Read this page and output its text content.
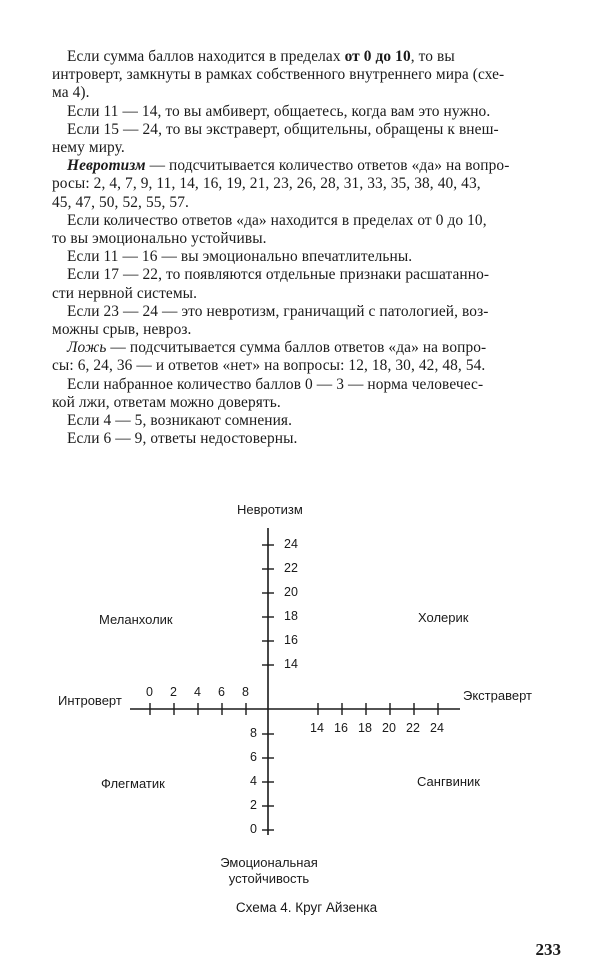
Если сумма баллов находится в пределах от 0 до 10, то вы
интроверт, замкнуты в рамках собственного внутреннего мира (схе-
ма 4).

Если 11 — 14, то вы амбиверт, общаетесь, когда вам это нужно.

Если 15 — 24, то вы экстраверт, общительны, обращены к внеш-
нему миру.

Невротизм — подсчитывается количество ответов «да» на вопро-
росы: 2, 4, 7, 9, 11, 14, 16, 19, 21, 23, 26, 28, 31, 33, 35, 38, 40, 43,
45, 47, 50, 52, 55, 57.

Если количество ответов «да» находится в пределах от 0 до 10,
то вы эмоционально устойчивы.

Если 11 — 16 — вы эмоционально впечатлительны.

Если 17 — 22, то появляются отдельные признаки расшатанно-
сти нервной системы.

Если 23 — 24 — это невротизм, граничащий с патологией, воз-
можны срыв, невроз.

Ложь — подсчитывается сумма баллов ответов «да» на вопро-
сы: 6, 24, 36 — и ответов «нет» на вопросы: 12, 18, 30, 42, 48, 54.

Если набранное количество баллов 0 — 3 — норма человечес-
кой лжи, ответам можно доверять.

Если 4 — 5, возникают сомнения.

Если 6 — 9, ответы недостоверны.

Невротизм
Эмоциональная
устойчивость
Интроверт	Экстраверт
Меланхолик	Холерик
Флегматик	Сангвиник
0 2 4 6 8
14 16 18 20 22 24
24
22
20
18
16
14
8
6
4
2
0
Схема 4. Круг Айзенка
233
